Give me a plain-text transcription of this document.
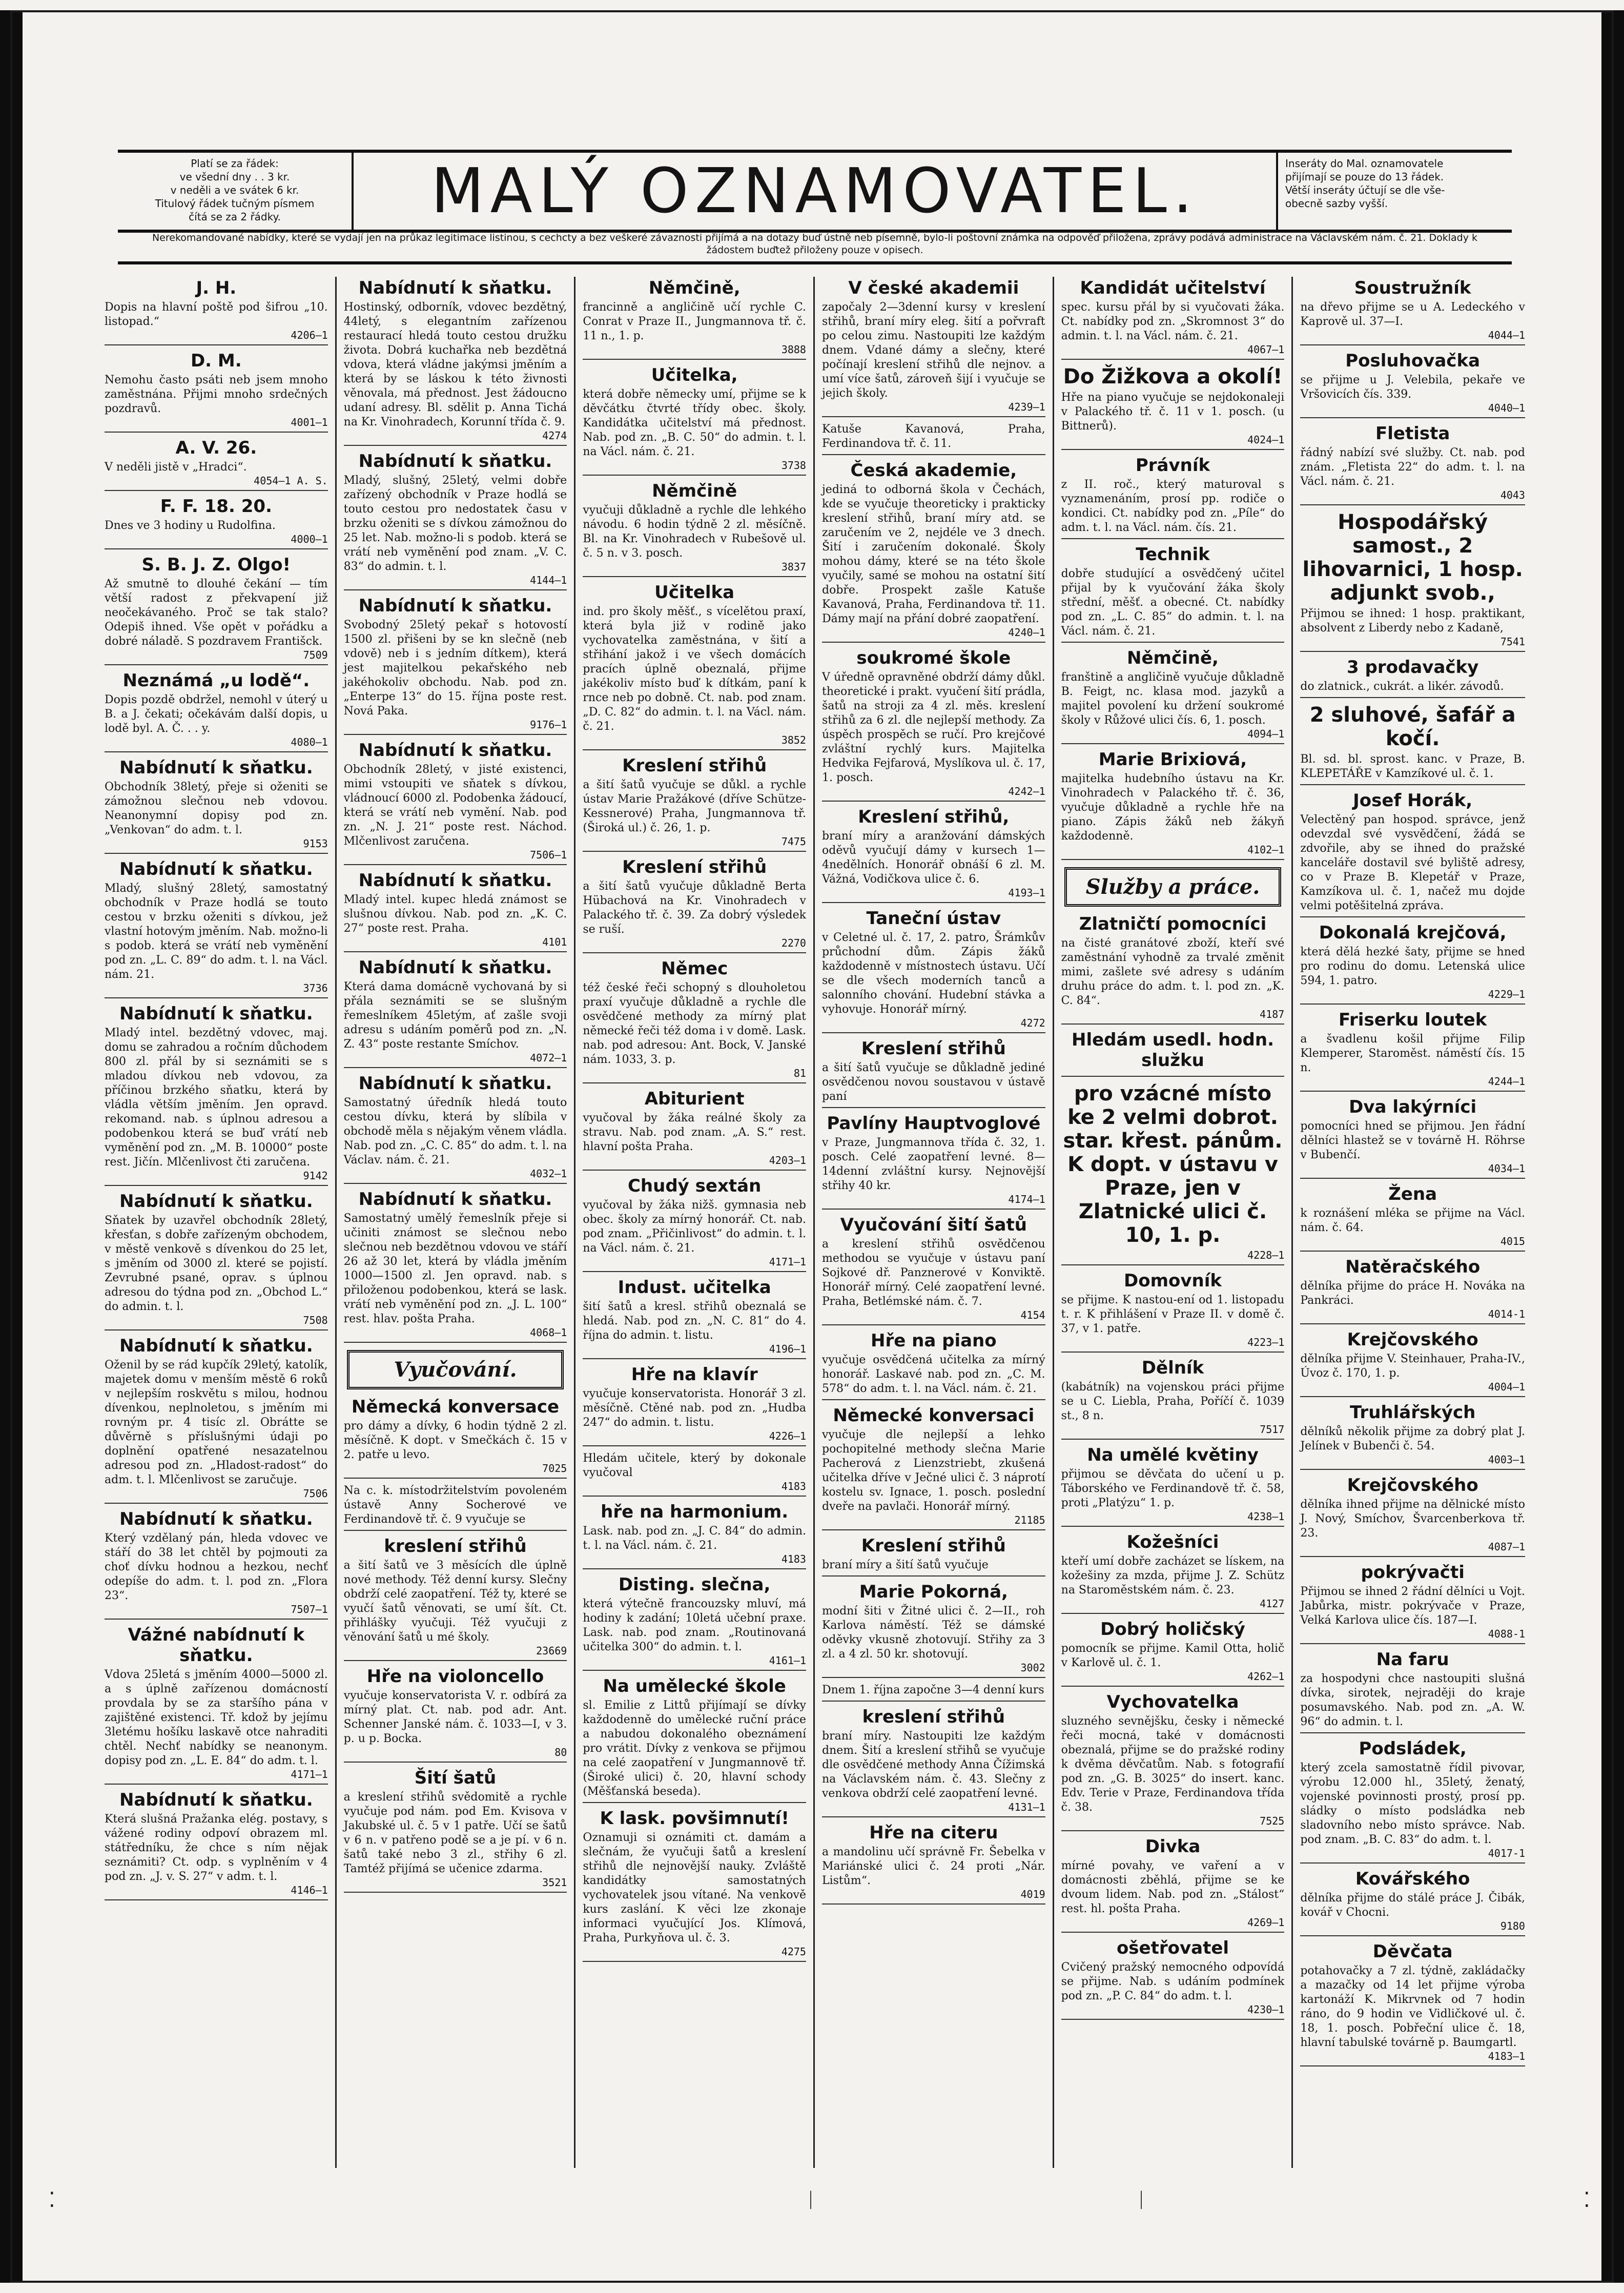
Platí se za řádek:
ve všední dny . . 3 kr.
v neděli a ve svátek 6 kr.
Titulový řádek tučným písmem
čítá se za 2 řádky.	MALÝ OZNAMOVATEL.	Inseráty do Mal. oznamovatele
přijímají se pouze do 13 řádek.
Větší inseráty účtují se dle vše-
obecně sazby vyšší.
Nerekomandované nabídky, které se vydají jen na průkaz legitimace listinou, s cechcty a bez veškeré závaznosti přijímá a na dotazy buď ústně neb písemně, bylo-li poštovní známka na odpověď přiložena, zprávy podává administrace na Václavském nám. č. 21. Doklady k žádostem buďtež přiloženy pouze v opisech.
J. H.
Dopis na hlavní poště pod šifrou „10. listopad.“
4206—1
D. M.
Nemohu často psáti neb jsem mnoho zaměstnána. Přijmi mnoho srdečných pozdravů.
4001—1
A. V. 26.
V neděli jistě v „Hradci“.
4054—1 A. S.
F. F. 18. 20.
Dnes ve 3 hodiny u Rudolfina.
4000—1
S. B. J. Z. Olgo!
Až smutně to dlouhé čekání — tím větší radost z překvapení již neočekávaného. Proč se tak stalo? Odepiš ihned. Vše opět v pořádku a dobré náladě. S pozdravem Františck.
7509
Neznámá „u lodě“.
Dopis pozdě obdržel, nemohl v úterý u B. a J. čekati; očekávám další dopis, u lodě byl. A. Č. . . y.
4080—1
Nabídnutí k sňatku.
Obchodník 38letý, přeje si oženiti se zámožnou slečnou neb vdovou. Neanonymní dopisy pod zn. „Venkovan“ do adm. t. l.
9153
Nabídnutí k sňatku.
Mladý, slušný 28letý, samostatný obchodník v Praze hodlá se touto cestou v brzku oženiti s dívkou, jež vlastní hotovým jměním. Nab. možno-li s podob. která se vrátí neb vyměnění pod zn. „L. C. 89“ do adm. t. l. na Václ. nám. 21.
3736
Nabídnutí k sňatku.
Mladý intel. bezdětný vdovec, maj. domu se zahradou a ročním důchodem 800 zl. přál by si seznámiti se s mladou dívkou neb vdovou, za příčinou brzkého sňatku, která by vládla větším jměním. Jen opravd. rekomand. nab. s úplnou adresou a podobenkou která se buď vrátí neb vyměnění pod zn. „M. B. 10000“ poste rest. Jičín. Mlčenlivost čti zaručena.
9142
Nabídnutí k sňatku.
Sňatek by uzavřel obchodník 28letý, křesťan, s dobře zařízeným obchodem, v městě venkově s dívenkou do 25 let, s jměním od 3000 zl. které se pojistí. Zevrubné psané, oprav. s úplnou adresou do týdna pod zn. „Obchod L.“ do admin. t. l.
7508
Nabídnutí k sňatku.
Oženil by se rád kupčík 29letý, katolík, majetek domu v menším městě 6 roků v nejlepším roskvětu s milou, hodnou dívenkou, neplnoletou, s jměním mi rovným pr. 4 tisíc zl. Obrátte se důvěrně s příslušnými údaji po doplnění opatřené nesazatelnou adresou pod zn. „Hladost-radost“ do adm. t. l. Mlčenlivost se zaručuje.
7506
Nabídnutí k sňatku.
Který vzdělaný pán, hleda vdovec ve stáří do 38 let chtěl by pojmouti za choť dívku hodnou a hezkou, nechť odepíše do adm. t. l. pod zn. „Flora 23“.
7507—1
Vážné nabídnutí k sňatku.
Vdova 25letá s jměním 4000—5000 zl. a s úplně zařízenou domácností provdala by se za staršího pána v zajištěné existenci. Tř. kdož by jejímu 3letému hošíku laskavě otce nahraditi chtěl. Nechť nabídky se neanonym. dopisy pod zn. „L. E. 84“ do adm. t. l.
4171—1
Nabídnutí k sňatku.
Která slušná Pražanka elég. postavy, s vážené rodiny odpoví obrazem ml. státředníku, že chce s ním nějak seznámiti? Ct. odp. s vyplněním v 4 pod zn. „J. v. S. 27“ v adm. t. l.
4146—1
Nabídnutí k sňatku.
Hostinský, odborník, vdovec bezdětný, 44letý, s elegantním zařízenou restaurací hledá touto cestou družku života. Dobrá kuchařka neb bezdětná vdova, která vládne jakýmsi jměním a která by se láskou k této živnosti věnovala, má přednost. Jest žádoucno udaní adresy. Bl. sdělit p. Anna Tichá na Kr. Vinohradech, Korunní třída č. 9.
4274
Nabídnutí k sňatku.
Mladý, slušný, 25letý, velmi dobře zařízený obchodník v Praze hodlá se touto cestou pro nedostatek času v brzku oženiti se s dívkou zámožnou do 25 let. Nab. možno-li s podob. která se vrátí neb vyměnění pod znam. „V. C. 83“ do admin. t. l.
4144—1
Nabídnutí k sňatku.
Svobodný 25letý pekař s hotovostí 1500 zl. přišeni by se kn slečně (neb vdově) neb i s jedním dítkem), která jest majitelkou pekařského neb jakéhokoliv obchodu. Nab. pod zn. „Enterpe 13“ do 15. října poste rest. Nová Paka.
9176—1
Nabídnutí k sňatku.
Obchodník 28letý, v jisté existenci, mimi vstoupiti ve sňatek s dívkou, vládnoucí 6000 zl. Podobenka žádoucí, která se vrátí neb vymění. Nab. pod zn. „N. J. 21“ poste rest. Náchod. Mlčenlivost zaručena.
7506—1
Nabídnutí k sňatku.
Mladý intel. kupec hledá známost se slušnou dívkou. Nab. pod zn. „K. C. 27“ poste rest. Praha.
4101
Nabídnutí k sňatku.
Která dama domácně vychovaná by si přála seznámiti se se slušným řemeslníkem 45letým, ať zašle svoji adresu s udáním poměrů pod zn. „N. Z. 43“ poste restante Smíchov.
4072—1
Nabídnutí k sňatku.
Samostatný úředník hledá touto cestou dívku, která by slíbila v obchodě měla s nějakým věnem vládla. Nab. pod zn. „C. C. 85“ do adm. t. l. na Václav. nám. č. 21.
4032—1
Nabídnutí k sňatku.
Samostatný umělý řemeslník přeje si učiniti známost se slečnou nebo slečnou neb bezdětnou vdovou ve stáří 26 až 30 let, která by vládla jměním 1000—1500 zl. Jen opravd. nab. s přiloženou podobenkou, která se lask. vrátí neb vyměnění pod zn. „J. L. 100“ rest. hlav. pošta Praha.
4068—1
Vyučování.
Německá konversace
pro dámy a dívky, 6 hodin týdně 2 zl. měsíčně. K dopt. v Smečkách č. 15 v 2. patře u levo.
7025
Na c. k. místodržitelstvím povoleném ústavě Anny Socherové ve Ferdinandově tř. č. 9 vyučuje se
kreslení střihů
a šití šatů ve 3 měsících dle úplně nové methody. Též denní kursy. Slečny obdrží celé zaopatření. Též ty, které se vyučí šatů věnovati, se umí šít. Ct. přihlášky vyučuji. Též vyučuji z věnování šatů u mé školy.
23669
Hře na violoncello
vyučuje konservatorista V. r. odbírá za mírný plat. Ct. nab. pod adr. Ant. Schenner Janské nám. č. 1033—I, v 3. p. u p. Bocka.
80
Šití šatů
a kreslení střihů svědomitě a rychle vyučuje pod nám. pod Em. Kvisova v Jakubské ul. č. 5 v 1 patře. Učí se šatů v 6 n. v patřeno podě se a je pí. v 6 n. šatů také nebo 3 zl., střihy 6 zl. Tamtéž přijímá se učenice zdarma.
3521
Němčině,
francinně a angličině učí rychle C. Conrat v Praze II., Jungmannova tř. č. 11 n., 1. p.
3888
Učitelka,
která dobře německy umí, přijme se k děvčátku čtvrté třídy obec. školy. Kandidátka učitelství má přednost. Nab. pod zn. „B. C. 50“ do admin. t. l. na Václ. nám. č. 21.
3738
Němčině
vyučuji důkladně a rychle dle lehkého návodu. 6 hodin týdně 2 zl. měsíčně. Bl. na Kr. Vinohradech v Rubešově ul. č. 5 n. v 3. posch.
3837
Učitelka
ind. pro školy měšť., s vícelětou praxí, která byla již v rodině jako vychovatelka zaměstnána, v šití a střihání jakož i ve všech domácích pracích úplně obeznalá, přijme jakékoliv místo buď k dítkám, paní k rnce neb po dobně. Ct. nab. pod znam. „D. C. 82“ do admin. t. l. na Václ. nám. č. 21.
3852
Kreslení střihů
a šití šatů vyučuje se důkl. a rychle ústav Marie Pražákové (dříve Schütze-Kessnerové) Praha, Jungmannova tř. (Široká ul.) č. 26, 1. p.
7475
Kreslení střihů
a šití šatů vyučuje důkladně Berta Hübachová na Kr. Vinohradech v Palackého tř. č. 39. Za dobrý výsledek se ruší.
2270
Němec
též české řeči schopný s dlouholetou praxí vyučuje důkladně a rychle dle osvědčené methody za mírný plat německé řeči též doma i v domě. Lask. nab. pod adresou: Ant. Bock, V. Janské nám. 1033, 3. p.
81
Abiturient
vyučoval by žáka reálné školy za stravu. Nab. pod znam. „A. S.“ rest. hlavní pošta Praha.
4203—1
Chudý sextán
vyučoval by žáka nižš. gymnasia neb obec. školy za mírný honorář. Ct. nab. pod znam. „Přičinlivost“ do admin. t. l. na Václ. nám. č. 21.
4171—1
Indust. učitelka
šití šatů a kresl. střihů obeznalá se hledá. Nab. pod zn. „N. C. 81“ do 4. října do admin. t. listu.
4196—1
Hře na klavír
vyučuje konservatorista. Honorář 3 zl. měsíčně. Ctěné nab. pod zn. „Hudba 247“ do admin. t. listu.
4226—1
Hledám učitele, který by dokonale vyučoval
4183
hře na harmonium.
Lask. nab. pod zn. „J. C. 84“ do admin. t. l. na Václ. nám. č. 21.
4183
Disting. slečna,
která výtečně francouzsky mluví, má hodiny k zadání; 10letá učební praxe. Lask. nab. pod znam. „Routinovaná učitelka 300“ do admin. t. l.
4161—1
Na umělecké škole
sl. Emilie z Littů přijímají se dívky každodenně do umělecké ruční práce a nabudou dokonalého obeznámení pro vrátit. Dívky z venkova se přijmou na celé zaopatření v Jungmannově tř. (Široké ulici) č. 20, hlavní schody (Měšťanská beseda).
K lask. povšimnutí!
Oznamuji si oznámiti ct. damám a slečnám, že vyučuji šatů a kreslení střihů dle nejnovější nauky. Zvláště kandidátky samostatných vychovatelek jsou vítané. Na venkově kurs zaslání. K věci lze zkonaje informaci vyučující Jos. Klímová, Praha, Purkyňova ul. č. 3.
4275
V české akademii
započaly 2—3denní kursy v kreslení střihů, braní míry eleg. šití a pořvraft po celou zimu. Nastoupiti lze každým dnem. Vdané dámy a slečny, které počínají kreslení střihů dle nejnov. a umí více šatů, zároveň šijí i vyučuje se jejich školy.
4239—1
Katuše Kavanová, Praha, Ferdinandova tř. č. 11.
Česká akademie,
jediná to odborná škola v Čechách, kde se vyučuje theoreticky i prakticky kreslení střihů, braní míry atd. se zaručením ve 2, nejdéle ve 3 dnech. Šití i zaručením dokonalé. Školy mohou dámy, které se na této škole vyučily, samé se mohou na ostatní šití dobře. Prospekt zašle Katuše Kavanová, Praha, Ferdinandova tř. 11. Dámy mají na přání dobré zaopatření.
4240—1
soukromé škole
V úředně opravněné obdrží dámy důkl. theoretické i prakt. vyučení šití prádla, šatů na stroji za 4 zl. měs. kreslení střihů za 6 zl. dle nejlepší methody. Za úspěch prospěch se ručí. Pro krejčové zvláštní rychlý kurs. Majitelka Hedvika Fejfarová, Myslíkova ul. č. 17, 1. posch.
4242—1
Kreslení střihů,
braní míry a aranžování dámských oděvů vyučují dámy v kursech 1—4nedělních. Honorář obnáší 6 zl. M. Vážná, Vodičkova ulice č. 6.
4193—1
Taneční ústav
v Celetné ul. č. 17, 2. patro, Šrámkův průchodní dům. Zápis žáků každodenně v místnostech ústavu. Učí se dle všech moderních tanců a salonního chování. Hudební stávka a vyhovuje. Honorář mírný.
4272
Kreslení střihů
a šití šatů vyučuje se důkladně jediné osvědčenou novou soustavou v ústavě paní
Pavlíny Hauptvoglové
v Praze, Jungmannova třída č. 32, 1. posch. Celé zaopatření levné. 8—14denní zvláštní kursy. Nejnovější střihy 40 kr.
4174—1
Vyučování šití šatů
a kreslení střihů osvědčenou methodou se vyučuje v ústavu paní Sojkové dř. Panznerové v Konviktě. Honorář mírný. Celé zaopatření levné. Praha, Betlémské nám. č. 7.
4154
Hře na piano
vyučuje osvědčená učitelka za mírný honorář. Laskavé nab. pod zn. „C. M. 578“ do adm. t. l. na Václ. nám. č. 21.
Německé konversaci
vyučuje dle nejlepší a lehko pochopitelné methody slečna Marie Pacherová z Lienzstriebt, zkušená učitelka dříve v Ječné ulici č. 3 náprotí kostelu sv. Ignace, 1. posch. poslední dveře na pavlači. Honorář mírný.
21185
Kreslení střihů
braní míry a šití šatů vyučuje
Marie Pokorná,
modní šiti v Žitné ulici č. 2—II., roh Karlova náměstí. Též se dámské oděvky vkusně zhotovují. Střihy za 3 zl. a 4 zl. 50 kr. shotovují.
3002
Dnem 1. října započne 3—4 denní kurs
kreslení střihů
braní míry. Nastoupiti lze každým dnem. Šití a kreslení střihů se vyučuje dle osvědčené methody Anna Čížimská na Václavském nám. č. 43. Slečny z venkova obdrží celé zaopatření levné.
4131—1
Hře na citeru
a mandolinu učí správně Fr. Šebelka v Mariánské ulici č. 24 proti „Nár. Listům“.
4019
Kandidát učitelství
spec. kursu přál by si vyučovati žáka. Ct. nabídky pod zn. „Skromnost 3“ do admin. t. l. na Václ. nám. č. 21.
4067—1
Do Žižkova a okolí!
Hře na piano vyučuje se nejdokonaleji v Palackého tř. č. 11 v 1. posch. (u Bittnerů).
4024—1
Právník
z II. roč., který maturoval s vyznamenáním, prosí pp. rodiče o kondici. Ct. nabídky pod zn. „Píle“ do adm. t. l. na Václ. nám. čís. 21.
Technik
dobře studující a osvědčený učitel přijal by k vyučování žáka školy střední, měšť. a obecné. Ct. nabídky pod zn. „L. C. 85“ do admin. t. l. na Václ. nám. č. 21.
Němčině,
franštině a angličině vyučuje důkladně B. Feigt, nc. klasa mod. jazyků a majitel povolení ku držení soukromé školy v Růžové ulici čís. 6, 1. posch.
4094—1
Marie Brixiová,
majitelka hudebního ústavu na Kr. Vinohradech v Palackého tř. č. 36, vyučuje důkladně a rychle hře na piano. Zápis žáků neb žákyň každodenně.
4102—1
Služby a práce.
Zlatničtí pomocníci
na čisté granátové zboží, kteří své zaměstnání vyhodně za trvalé změnit mimi, zašlete své adresy s udáním druhu práce do adm. t. l. pod zn. „K. C. 84“.
4187
Hledám usedl. hodn. služku
pro vzácné místo ke 2 velmi dobrot. star. křest. pánům. K dopt. v ústavu v Praze, jen v Zlatnické ulici č. 10, 1. p.
4228—1
Domovník
se přijme. K nastou-ení od 1. listopadu t. r. K přihlášení v Praze II. v domě č. 37, v 1. patře.
4223—1
Dělník
(kabátník) na vojenskou práci přijme se u C. Liebla, Praha, Poříčí č. 1039 st., 8 n.
7517
Na umělé květiny
přijmou se děvčata do učení u p. Táborského ve Ferdinandově tř. č. 58, proti „Platýzu“ 1. p.
4238—1
Kožešníci
kteří umí dobře zacházet se lískem, na kožešiny za mzda, přijme J. Z. Schütz na Staroměstském nám. č. 23.
4127
Dobrý holičský
pomocník se přijme. Kamil Otta, holič v Karlově ul. č. 1.
4262—1
Vychovatelka
sluzného sevnějšku, česky i německé řeči mocná, také v domácnosti obeznalá, přijme se do pražské rodiny k dvěma děvčatům. Nab. s fotografií pod zn. „G. B. 3025“ do insert. kanc. Edv. Terie v Praze, Ferdinandova třída č. 38.
7525
Divka
mírné povahy, ve vaření a v domácnosti zběhlá, přijme se ke dvoum lidem. Nab. pod zn. „Stálost“ rest. hl. pošta Praha.
4269—1
ošetřovatel
Cvičený pražský nemocného odpovídá se přijme. Nab. s udáním podmínek pod zn. „P. C. 84“ do adm. t. l.
4230—1
Soustružník
na dřevo přijme se u A. Ledeckého v Kaprově ul. 37—I.
4044—1
Posluhovačka
se přijme u J. Velebila, pekaře ve Vršovicích čís. 339.
4040—1
Fletista
řádný nabízí své služby. Ct. nab. pod znám. „Fletista 22“ do adm. t. l. na Václ. nám. č. 21.
4043
Hospodářský samost., 2 lihovarnici, 1 hosp. adjunkt svob.,
Přijmou se ihned: 1 hosp. praktikant, absolvent z Liberdy nebo z Kadaně,
7541
3 prodavačky
do zlatnick., cukrát. a likér. závodů.
2 sluhové, šafář a kočí.
Bl. sd. bl. sprost. kanc. v Praze, B. KLEPETÁŘE v Kamzíkové ul. č. 1.
Josef Horák,
Velectěný pan hospod. správce, jenž odevzdal své vysvědčení, žádá se zdvořile, aby se ihned do pražské kanceláře dostavil své byliště adresy, co v Praze B. Klepetář v Praze, Kamzíkova ul. č. 1, načež mu dojde velmi potěšitelná zpráva.
Dokonalá krejčová,
která dělá hezké šaty, přijme se hned pro rodinu do domu. Letenská ulice 594, 1. patro.
4229—1
Friserku loutek
a švadlenu košil přijme Filip Klemperer, Staroměst. náměstí čís. 15 n.
4244—1
Dva lakýrníci
pomocníci hned se přijmou. Jen řádní dělníci hlastež se v továrně H. Röhrse v Bubenčí.
4034—1
Žena
k roznášení mléka se přijme na Václ. nám. č. 64.
4015
Natěračského
dělníka přijme do práce H. Nováka na Pankráci.
4014-1
Krejčovského
dělníka přijme V. Steinhauer, Praha-IV., Úvoz č. 170, 1. p.
4004—1
Truhlářských
dělníků několik přijme za dobrý plat J. Jelínek v Bubenči č. 54.
4003—1
Krejčovského
dělníka ihned přijme na dělnické místo J. Nový, Smíchov, Švarcenberkova tř. 23.
4087—1
pokrývačti
Přijmou se ihned 2 řádní dělníci u Vojt. Jabůrka, mistr. pokrývače v Praze, Velká Karlova ulice čís. 187—I.
4088-1
Na faru
za hospodyni chce nastoupiti slušná dívka, sirotek, nejraději do kraje posumavského. Nab. pod zn. „A. W. 96“ do admin. t. l.
Podsládek,
který zcela samostatně řídil pivovar, výrobu 12.000 hl., 35letý, ženatý, vojenské povinnosti prostý, prosí pp. sládky o místo podsládka neb sladovního nebo místo správce. Nab. pod znam. „B. C. 83“ do adm. t. l.
4017-1
Kovářského
dělníka přijme do stálé práce J. Čibák, kovář v Chocni.
9180
Děvčata
potahovačky a 7 zl. týdně, zakládačky a mazačky od 14 let přijme výroba kartonáží K. Mikrvnek od 7 hodin ráno, do 9 hodin ve Vidličkové ul. č. 18, 1. posch. Pobřeční ulice č. 18, hlavní tabulské továrně p. Baumgartl.
4183—1
⁚	ᛁ	ᛁ	⁚
